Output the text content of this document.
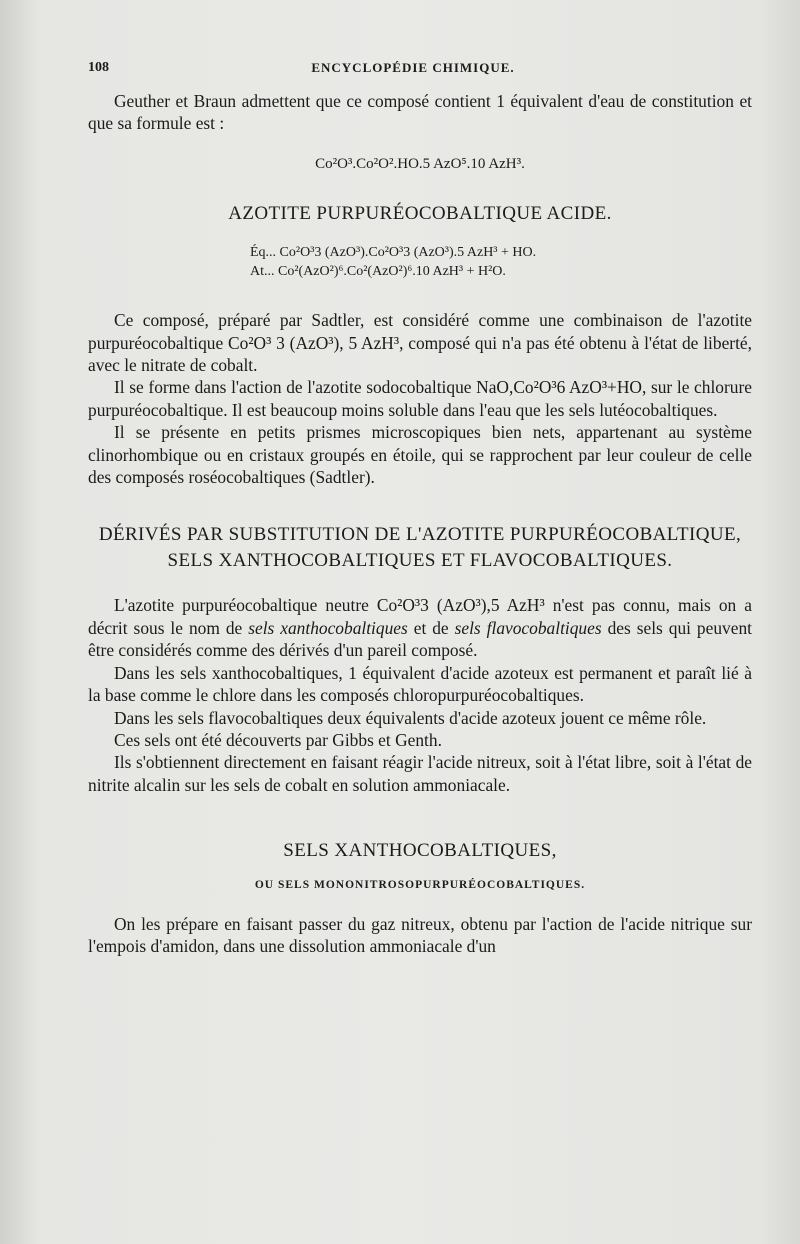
108	ENCYCLOPÉDIE CHIMIQUE.

Geuther et Braun admettent que ce composé contient 1 équivalent d'eau de constitution et que sa formule est :

Co²O³.Co²O².HO.5 AzO⁵.10 AzH³.
AZOTITE PURPURÉOCOBALTIQUE ACIDE.
Éq... Co²O³3 (AzO³).Co²O³3 (AzO³).5 AzH³ + HO.
At... Co²(AzO²)⁶.Co²(AzO²)⁶.10 AzH³ + H²O.

Ce composé, préparé par Sadtler, est considéré comme une combinaison de l'azotite purpuréocobaltique Co²O³ 3 (AzO³), 5 AzH³, composé qui n'a pas été obtenu à l'état de liberté, avec le nitrate de cobalt.

Il se forme dans l'action de l'azotite sodocobaltique NaO,Co²O³6 AzO³+HO, sur le chlorure purpuréocobaltique. Il est beaucoup moins soluble dans l'eau que les sels lutéocobaltiques.

Il se présente en petits prismes microscopiques bien nets, appartenant au système clinorhombique ou en cristaux groupés en étoile, qui se rapprochent par leur couleur de celle des composés roséocobaltiques (Sadtler).

DÉRIVÉS PAR SUBSTITUTION DE L'AZOTITE PURPURÉOCOBALTIQUE,
SELS XANTHOCOBALTIQUES ET FLAVOCOBALTIQUES.

L'azotite purpuréocobaltique neutre Co²O³3 (AzO³),5 AzH³ n'est pas connu, mais on a décrit sous le nom de sels xanthocobaltiques et de sels flavocobaltiques des sels qui peuvent être considérés comme des dérivés d'un pareil composé.

Dans les sels xanthocobaltiques, 1 équivalent d'acide azoteux est permanent et paraît lié à la base comme le chlore dans les composés chloropurpuréocobaltiques.

Dans les sels flavocobaltiques deux équivalents d'acide azoteux jouent ce même rôle.

Ces sels ont été découverts par Gibbs et Genth.

Ils s'obtiennent directement en faisant réagir l'acide nitreux, soit à l'état libre, soit à l'état de nitrite alcalin sur les sels de cobalt en solution ammoniacale.

SELS XANTHOCOBALTIQUES,
OU SELS MONONITROSOPURPURÉOCOBALTIQUES.

On les prépare en faisant passer du gaz nitreux, obtenu par l'action de l'acide nitrique sur l'empois d'amidon, dans une dissolution ammoniacale d'un
